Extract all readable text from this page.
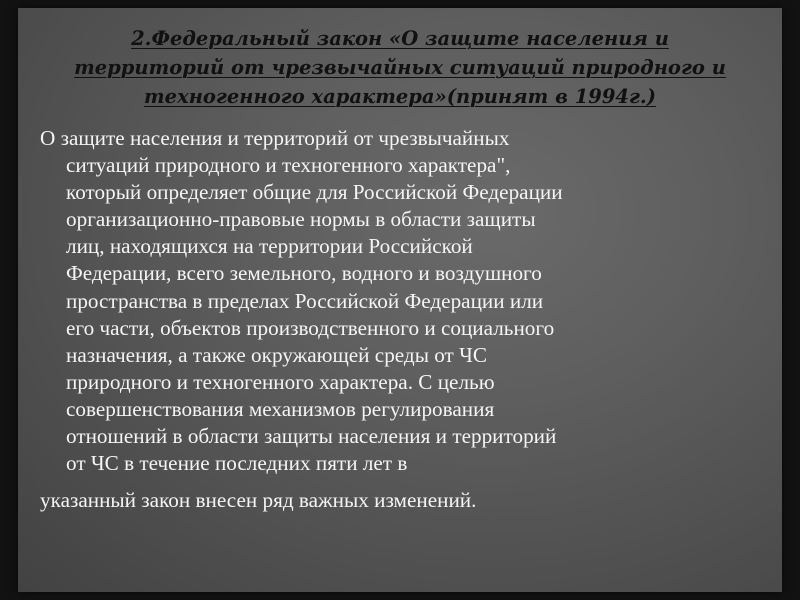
2.Федеральный закон «О защите населения и
территорий от чрезвычайных ситуаций природного и
техногенного характера»(принят в 1994г.)
О защите населения и территорий от чрезвычайных
ситуаций природного и техногенного характера",
который определяет общие для Российской Федерации
организационно-правовые нормы в области защиты
лиц, находящихся на территории Российской
Федерации, всего земельного, водного и воздушного
пространства в пределах Российской Федерации или
его части, объектов производственного и социального
назначения, а также окружающей среды от ЧС
природного и техногенного характера. С целью
совершенствования механизмов регулирования
отношений в области защиты населения и территорий
от ЧС в течение последних пяти лет в
указанный закон внесен ряд важных изменений.
